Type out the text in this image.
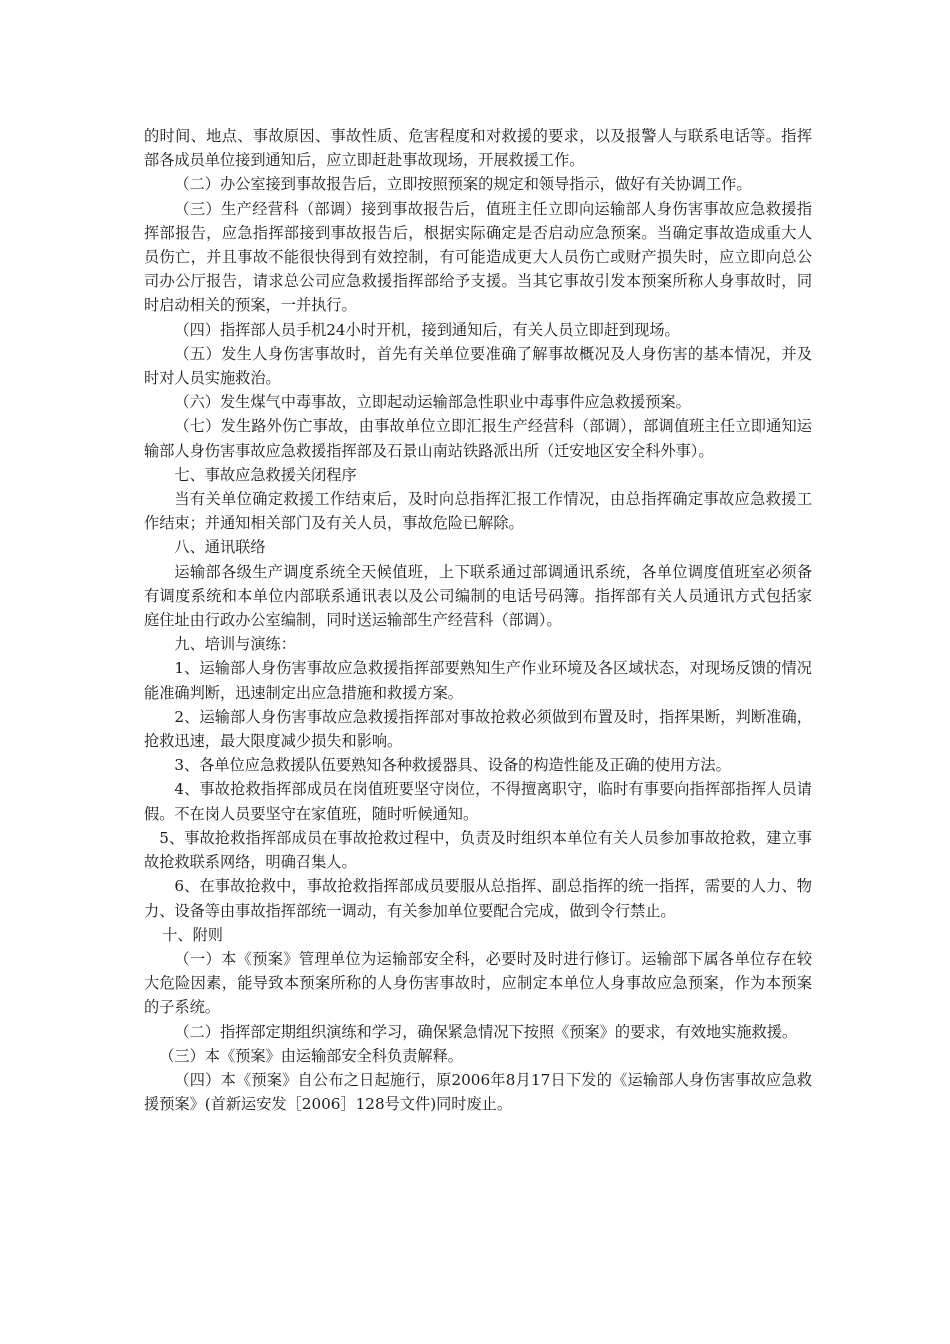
的时间、地点、事故原因、事故性质、危害程度和对救援的要求，以及报警人与联系电话等。指挥部各成员单位接到通知后，应立即赶赴事故现场，开展救援工作。

（二）办公室接到事故报告后，立即按照预案的规定和领导指示，做好有关协调工作。

（三）生产经营科（部调）接到事故报告后，值班主任立即向运输部人身伤害事故应急救援指挥部报告，应急指挥部接到事故报告后，根据实际确定是否启动应急预案。当确定事故造成重大人员伤亡，并且事故不能很快得到有效控制，有可能造成更大人员伤亡或财产损失时，应立即向总公司办公厅报告，请求总公司应急救援指挥部给予支援。当其它事故引发本预案所称人身事故时，同时启动相关的预案，一并执行。

（四）指挥部人员手机24小时开机，接到通知后，有关人员立即赶到现场。

（五）发生人身伤害事故时，首先有关单位要准确了解事故概况及人身伤害的基本情况，并及时对人员实施救治。

（六）发生煤气中毒事故，立即起动运输部急性职业中毒事件应急救援预案。

（七）发生路外伤亡事故，由事故单位立即汇报生产经营科（部调），部调值班主任立即通知运输部人身伤害事故应急救援指挥部及石景山南站铁路派出所（迁安地区安全科外事）。

七、事故应急救援关闭程序

当有关单位确定救援工作结束后，及时向总指挥汇报工作情况，由总指挥确定事故应急救援工作结束；并通知相关部门及有关人员，事故危险已解除。

八、通讯联络

运输部各级生产调度系统全天候值班，上下联系通过部调通讯系统，各单位调度值班室必须备有调度系统和本单位内部联系通讯表以及公司编制的电话号码簿。指挥部有关人员通讯方式包括家庭住址由行政办公室编制，同时送运输部生产经营科（部调）。

九、培训与演练：

1、运输部人身伤害事故应急救援指挥部要熟知生产作业环境及各区域状态，对现场反馈的情况能准确判断，迅速制定出应急措施和救援方案。

2、运输部人身伤害事故应急救援指挥部对事故抢救必须做到布置及时，指挥果断，判断准确，抢救迅速，最大限度减少损失和影响。

3、各单位应急救援队伍要熟知各种救援器具、设备的构造性能及正确的使用方法。

4、事故抢救指挥部成员在岗值班要坚守岗位，不得擅离职守，临时有事要向指挥部指挥人员请假。不在岗人员要坚守在家值班，随时听候通知。

5、事故抢救指挥部成员在事故抢救过程中，负责及时组织本单位有关人员参加事故抢救，建立事故抢救联系网络，明确召集人。

6、在事故抢救中，事故抢救指挥部成员要服从总指挥、副总指挥的统一指挥，需要的人力、物力、设备等由事故指挥部统一调动，有关参加单位要配合完成，做到令行禁止。

十、附则

（一）本《预案》管理单位为运输部安全科，必要时及时进行修订。运输部下属各单位存在较大危险因素，能导致本预案所称的人身伤害事故时，应制定本单位人身事故应急预案，作为本预案的子系统。

（二）指挥部定期组织演练和学习，确保紧急情况下按照《预案》的要求，有效地实施救援。

（三）本《预案》由运输部安全科负责解释。

（四）本《预案》自公布之日起施行，原2006年8月17日下发的《运输部人身伤害事故应急救援预案》(首新运安发［2006］128号文件)同时废止。
